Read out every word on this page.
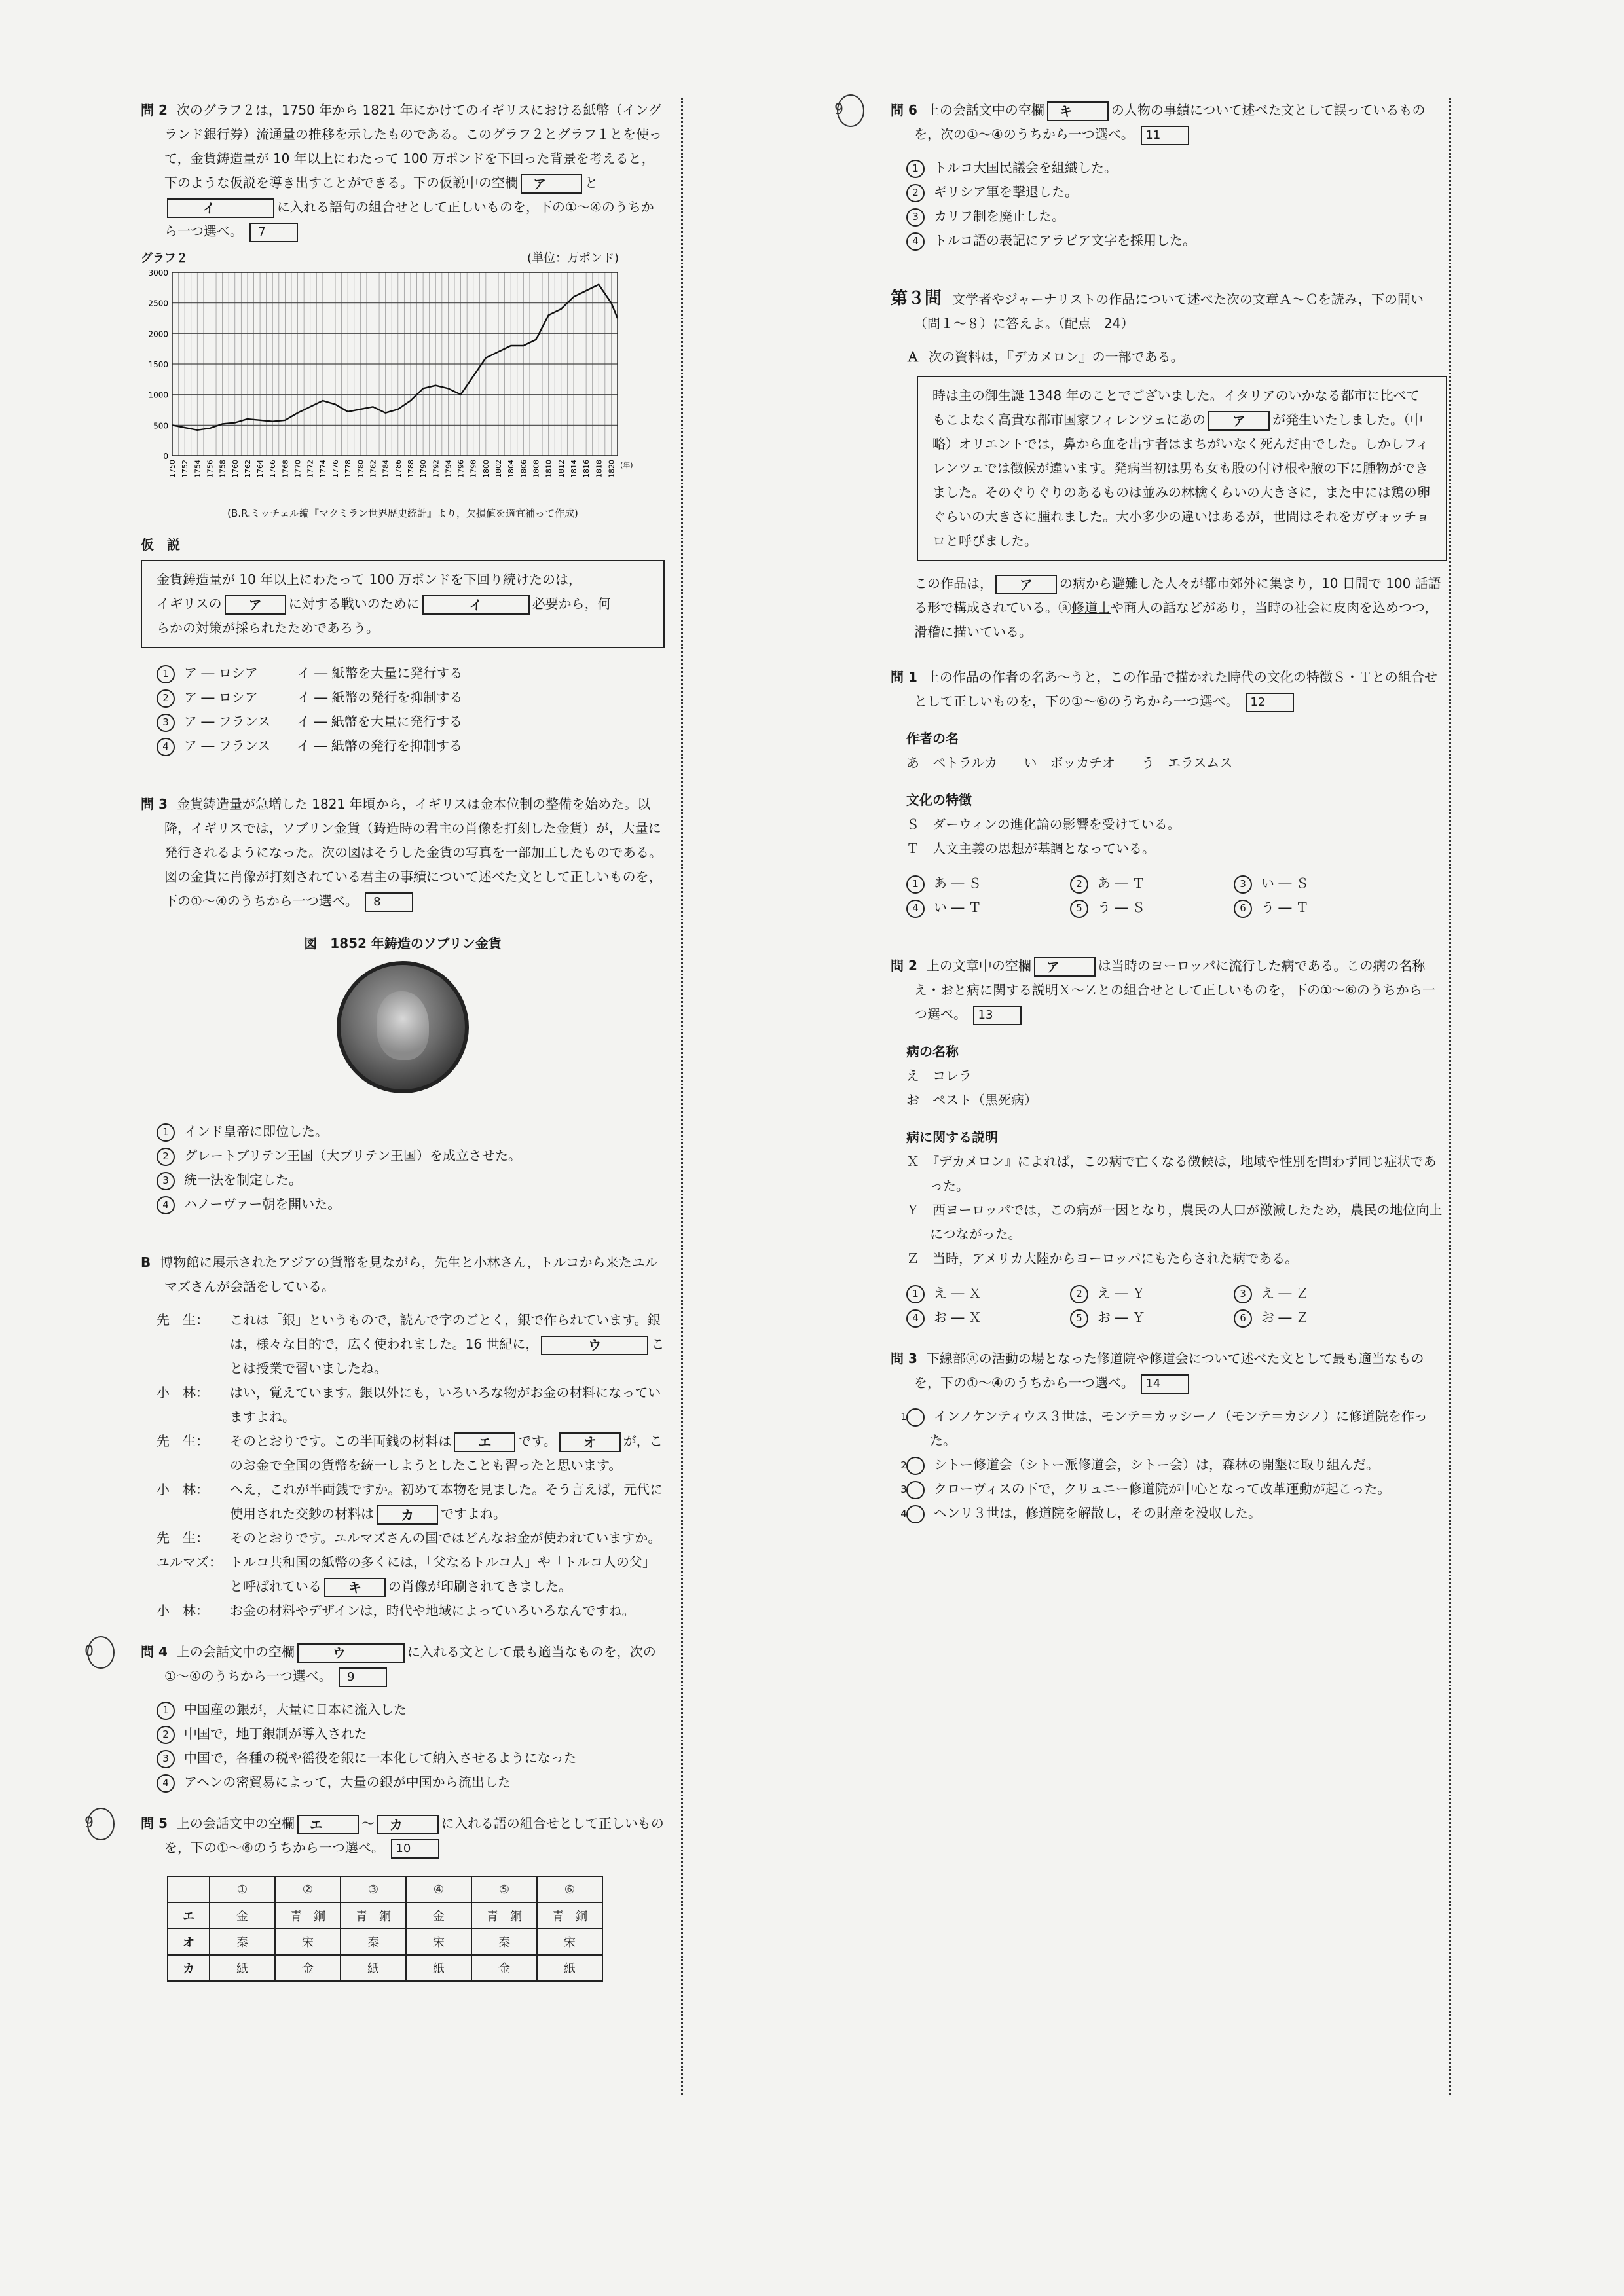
問 2 次のグラフ２は，1750 年から 1821 年にかけてのイギリスにおける紙幣（イングランド銀行券）流通量の推移を示したものである。このグラフ２とグラフ１とを使って，金貨鋳造量が 10 年以上にわたって 100 万ポンドを下回った背景を考えると，下のような仮説を導き出すことができる。下の仮説中の空欄 ア	とイ	に入れる語句の組合せとして正しいものを，下の①～④のうちから一つ選べ。 7
グラフ２	(単位：万ポンド)
0
500
1000
1500
2000
2500
3000
1750 1752 1754 1756 1758 1760 1762 1764 1766 1768 1770 1772 1774 1776 1778 1780 1782 1784 1786 1788 1790 1792 1794 1796 1798 1800 1802 1804 1806 1808 1810 1812 1814 1816 1818 1820 (年)
(B.R.ミッチェル編『マクミラン世界歴史統計』より，欠損値を適宜補って作成)
仮　説
金貨鋳造量が 10 年以上にわたって 100 万ポンドを下回り続けたのは，
イギリスの ア に対する戦いのために	イ	必要から，何
らかの対策が採られたためであろう。
1 ア ― ロシア　　　イ ― 紙幣を大量に発行する
2 ア ― ロシア　　　イ ― 紙幣の発行を抑制する
3 ア ― フランス　　イ ― 紙幣を大量に発行する
4 ア ― フランス　　イ ― 紙幣の発行を抑制する
問 3 金貨鋳造量が急増した 1821 年頃から，イギリスは金本位制の整備を始めた。以降，イギリスでは，ソブリン金貨（鋳造時の君主の肖像を打刻した金貨）が，大量に発行されるようになった。次の図はそうした金貨の写真を一部加工したものである。図の金貨に肖像が打刻されている君主の事績について述べた文として正しいものを，下の①～④のうちから一つ選べ。 8
図　1852 年鋳造のソブリン金貨
1 インド皇帝に即位した。
2 グレートブリテン王国（大ブリテン王国）を成立させた。
3 統一法を制定した。
4 ハノーヴァー朝を開いた。
B 博物館に展示されたアジアの貨幣を見ながら，先生と小林さん，トルコから来たユルマズさんが会話をしている。
先　生：	これは「銀」というもので，読んで字のごとく，銀で作られています。銀は，様々な目的で，広く使われました。16 世紀に，	ウ	ことは授業で習いましたね。
小　林：	はい，覚えています。銀以外にも，いろいろな物がお金の材料になっていますよね。
先　生：	そのとおりです。この半両銭の材料は エ です。 オ が，このお金で全国の貨幣を統一しようとしたことも習ったと思います。
小　林：	へえ，これが半両銭ですか。初めて本物を見ました。そう言えば，元代に使用された交鈔の材料は カ ですよね。
先　生：	そのとおりです。ユルマズさんの国ではどんなお金が使われていますか。
ユルマズ： トルコ共和国の紙幣の多くには，「父なるトルコ人」や「トルコ人の父」と呼ばれている キ の肖像が印刷されてきました。
小　林：	お金の材料やデザインは，時代や地域によっていろいろなんですね。
0	問 4 上の会話文中の空欄	ウ	に入れる文として最も適当なものを，次の①～④のうちから一つ選べ。 9
1 中国産の銀が，大量に日本に流入した
2 中国で，地丁銀制が導入された
3 中国で，各種の税や徭役を銀に一本化して納入させるようになった
4 アヘンの密貿易によって，大量の銀が中国から流出した
9	問 5 上の会話文中の空欄 エ	～ カ	に入れる語の組合せとして正しいものを，下の①～⑥のうちから一つ選べ。 10
	①	②	③	④	⑤	⑥
エ	金	青　銅	青　銅	金	青　銅	青　銅
オ	秦	宋	秦	宋	秦	宋
カ	紙	金	紙	紙	金	紙
9	問 6 上の会話文中の空欄 キ	の人物の事績について述べた文として誤っているものを，次の①～④のうちから一つ選べ。 11
1 トルコ大国民議会を組織した。
2 ギリシア軍を撃退した。
3 カリフ制を廃止した。
4 トルコ語の表記にアラビア文字を採用した。
第３問 文学者やジャーナリストの作品について述べた次の文章Ａ～Ｃを読み，下の問い（問１～８）に答えよ。（配点　24）
Ａ 次の資料は，『デカメロン』の一部である。
時は主の御生誕 1348 年のことでございました。イタリアのいかなる都市に比べてもこよなく高貴な都市国家フィレンツェにあの ア が発生いたしました。（中略）オリエントでは，鼻から血を出す者はまちがいなく死んだ由でした。しかしフィレンツェでは徴候が違います。発病当初は男も女も股の付け根や腋の下に腫物ができました。そのぐりぐりのあるものは並みの林檎くらいの大きさに，また中には鶏の卵ぐらいの大きさに腫れました。大小多少の違いはあるが，世間はそれをガヴォッチョロと呼びました。
この作品は， ア の病から避難した人々が都市郊外に集まり，10 日間で 100 話語る形で構成されている。ⓐ修道士や商人の話などがあり，当時の社会に皮肉を込めつつ，滑稽に描いている。
問 1 上の作品の作者の名あ～うと，この作品で描かれた時代の文化の特徴Ｓ・Ｔとの組合せとして正しいものを，下の①～⑥のうちから一つ選べ。 12
作者の名
あ　ペトラルカ　　い　ボッカチオ　　う　エラスムス
文化の特徴
Ｓ　ダーウィンの進化論の影響を受けている。
Ｔ　人文主義の思想が基調となっている。
1 あ ― Ｓ	2 あ ― Ｔ	3 い ― Ｓ
4 い ― Ｔ	5 う ― Ｓ	6 う ― Ｔ
問 2 上の文章中の空欄 ア	は当時のヨーロッパに流行した病である。この病の名称え・おと病に関する説明Ｘ～Ｚとの組合せとして正しいものを，下の①～⑥のうちから一つ選べ。 13
病の名称
え　コレラ
お　ペスト（黒死病）
病に関する説明
Ｘ　『デカメロン』によれば，この病で亡くなる徴候は，地域や性別を問わず同じ症状であった。
Ｙ　西ヨーロッパでは，この病が一因となり，農民の人口が激減したため，農民の地位向上につながった。
Ｚ　当時，アメリカ大陸からヨーロッパにもたらされた病である。
1 え ― Ｘ	2 え ― Ｙ	3 え ― Ｚ
4 お ― Ｘ	5 お ― Ｙ	6 お ― Ｚ
問 3 下線部ⓐの活動の場となった修道院や修道会について述べた文として最も適当なものを，下の①～④のうちから一つ選べ。 14
1 インノケンティウス３世は，モンテ＝カッシーノ（モンテ＝カシノ）に修道院を作った。
2 シトー修道会（シトー派修道会，シトー会）は，森林の開墾に取り組んだ。
3 クローヴィスの下で，クリュニー修道院が中心となって改革運動が起こった。
4 ヘンリ３世は，修道院を解散し，その財産を没収した。
